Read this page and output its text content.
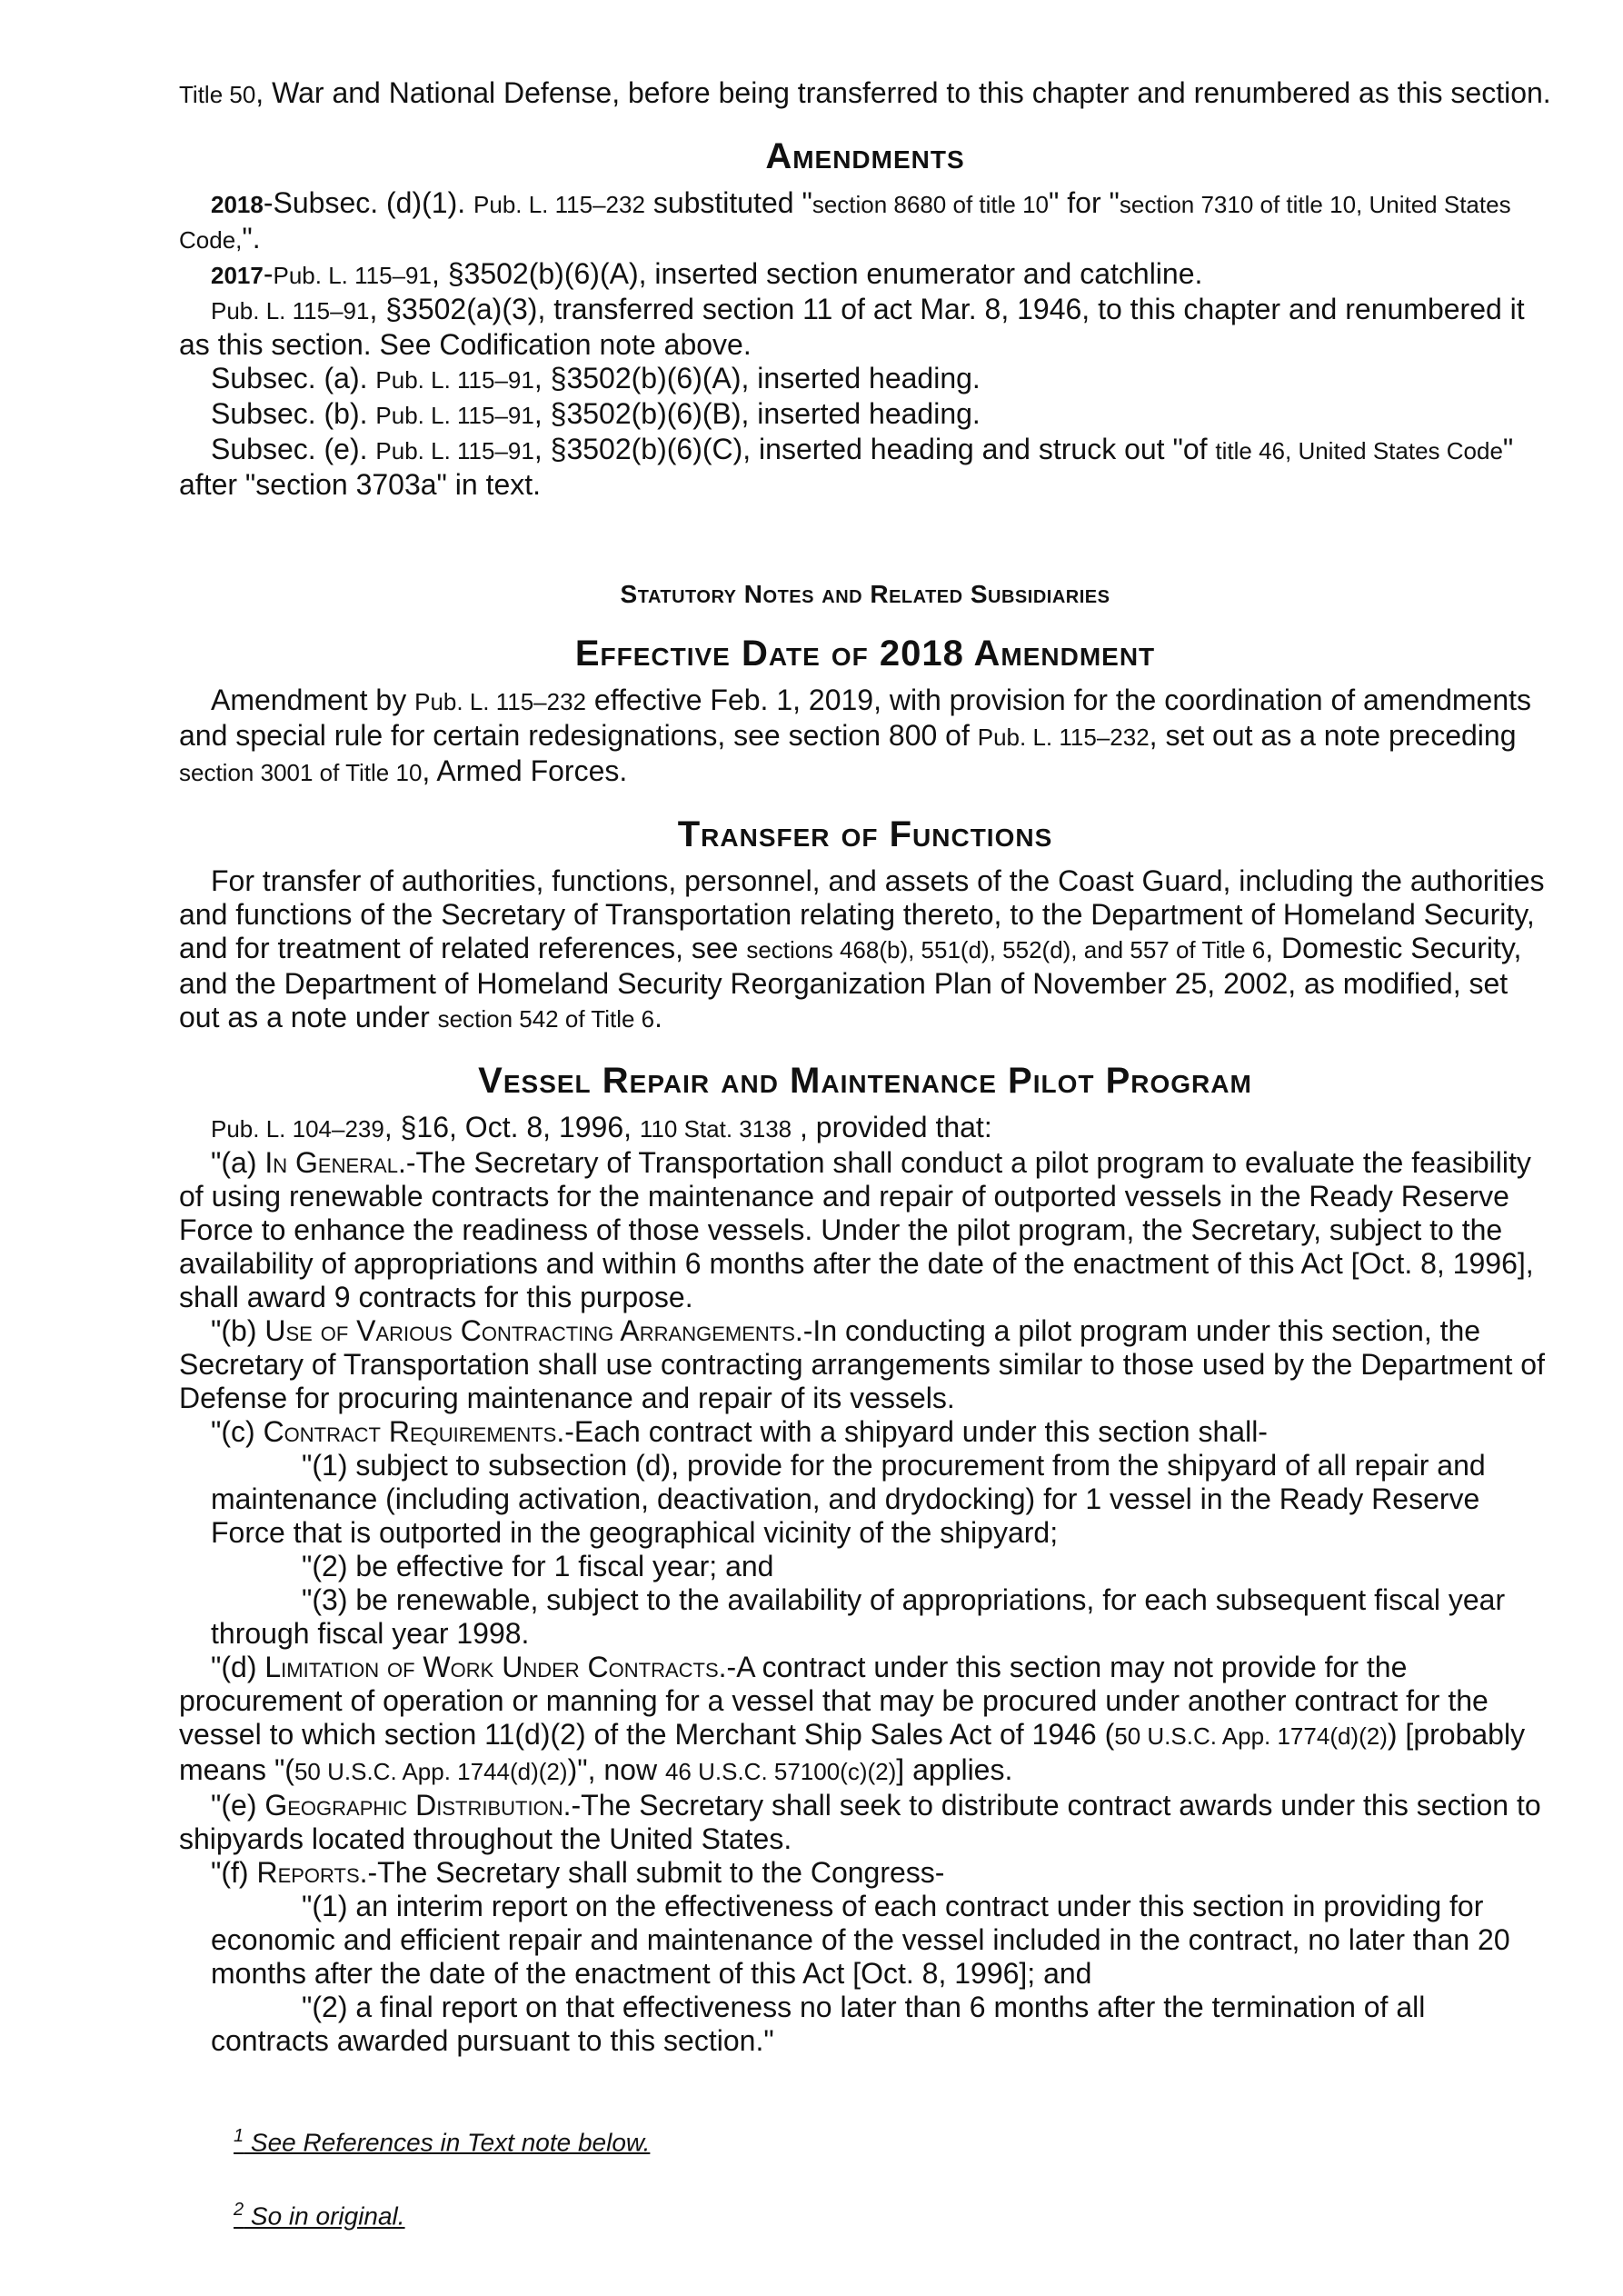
Title 50, War and National Defense, before being transferred to this chapter and renumbered as this section.

Amendments

2018-Subsec. (d)(1). Pub. L. 115–232 substituted "section 8680 of title 10" for "section 7310 of title 10, United States Code,".

2017-Pub. L. 115–91, §3502(b)(6)(A), inserted section enumerator and catchline.

Pub. L. 115–91, §3502(a)(3), transferred section 11 of act Mar. 8, 1946, to this chapter and renumbered it as this section. See Codification note above.

Subsec. (a). Pub. L. 115–91, §3502(b)(6)(A), inserted heading.

Subsec. (b). Pub. L. 115–91, §3502(b)(6)(B), inserted heading.

Subsec. (e). Pub. L. 115–91, §3502(b)(6)(C), inserted heading and struck out "of title 46, United States Code" after "section 3703a" in text.

Statutory Notes and Related Subsidiaries
Effective Date of 2018 Amendment

Amendment by Pub. L. 115–232 effective Feb. 1, 2019, with provision for the coordination of amendments and special rule for certain redesignations, see section 800 of Pub. L. 115–232, set out as a note preceding section 3001 of Title 10, Armed Forces.

Transfer of Functions

For transfer of authorities, functions, personnel, and assets of the Coast Guard, including the authorities and functions of the Secretary of Transportation relating thereto, to the Department of Homeland Security, and for treatment of related references, see sections 468(b), 551(d), 552(d), and 557 of Title 6, Domestic Security, and the Department of Homeland Security Reorganization Plan of November 25, 2002, as modified, set out as a note under section 542 of Title 6.

Vessel Repair and Maintenance Pilot Program

Pub. L. 104–239, §16, Oct. 8, 1996, 110 Stat. 3138 , provided that:

"(a) In General.-The Secretary of Transportation shall conduct a pilot program to evaluate the feasibility of using renewable contracts for the maintenance and repair of outported vessels in the Ready Reserve Force to enhance the readiness of those vessels. Under the pilot program, the Secretary, subject to the availability of appropriations and within 6 months after the date of the enactment of this Act [Oct. 8, 1996], shall award 9 contracts for this purpose.

"(b) Use of Various Contracting Arrangements.-In conducting a pilot program under this section, the Secretary of Transportation shall use contracting arrangements similar to those used by the Department of Defense for procuring maintenance and repair of its vessels.

"(c) Contract Requirements.-Each contract with a shipyard under this section shall-

"(1) subject to subsection (d), provide for the procurement from the shipyard of all repair and maintenance (including activation, deactivation, and drydocking) for 1 vessel in the Ready Reserve Force that is outported in the geographical vicinity of the shipyard;

"(2) be effective for 1 fiscal year; and

"(3) be renewable, subject to the availability of appropriations, for each subsequent fiscal year through fiscal year 1998.

"(d) Limitation of Work Under Contracts.-A contract under this section may not provide for the procurement of operation or manning for a vessel that may be procured under another contract for the vessel to which section 11(d)(2) of the Merchant Ship Sales Act of 1946 (50 U.S.C. App. 1774(d)(2)) [probably means "(50 U.S.C. App. 1744(d)(2))", now 46 U.S.C. 57100(c)(2)] applies.

"(e) Geographic Distribution.-The Secretary shall seek to distribute contract awards under this section to shipyards located throughout the United States.

"(f) Reports.-The Secretary shall submit to the Congress-

"(1) an interim report on the effectiveness of each contract under this section in providing for economic and efficient repair and maintenance of the vessel included in the contract, no later than 20 months after the date of the enactment of this Act [Oct. 8, 1996]; and

"(2) a final report on that effectiveness no later than 6 months after the termination of all contracts awarded pursuant to this section."

$^1$ See References in Text note below.

$^2$ So in original.
